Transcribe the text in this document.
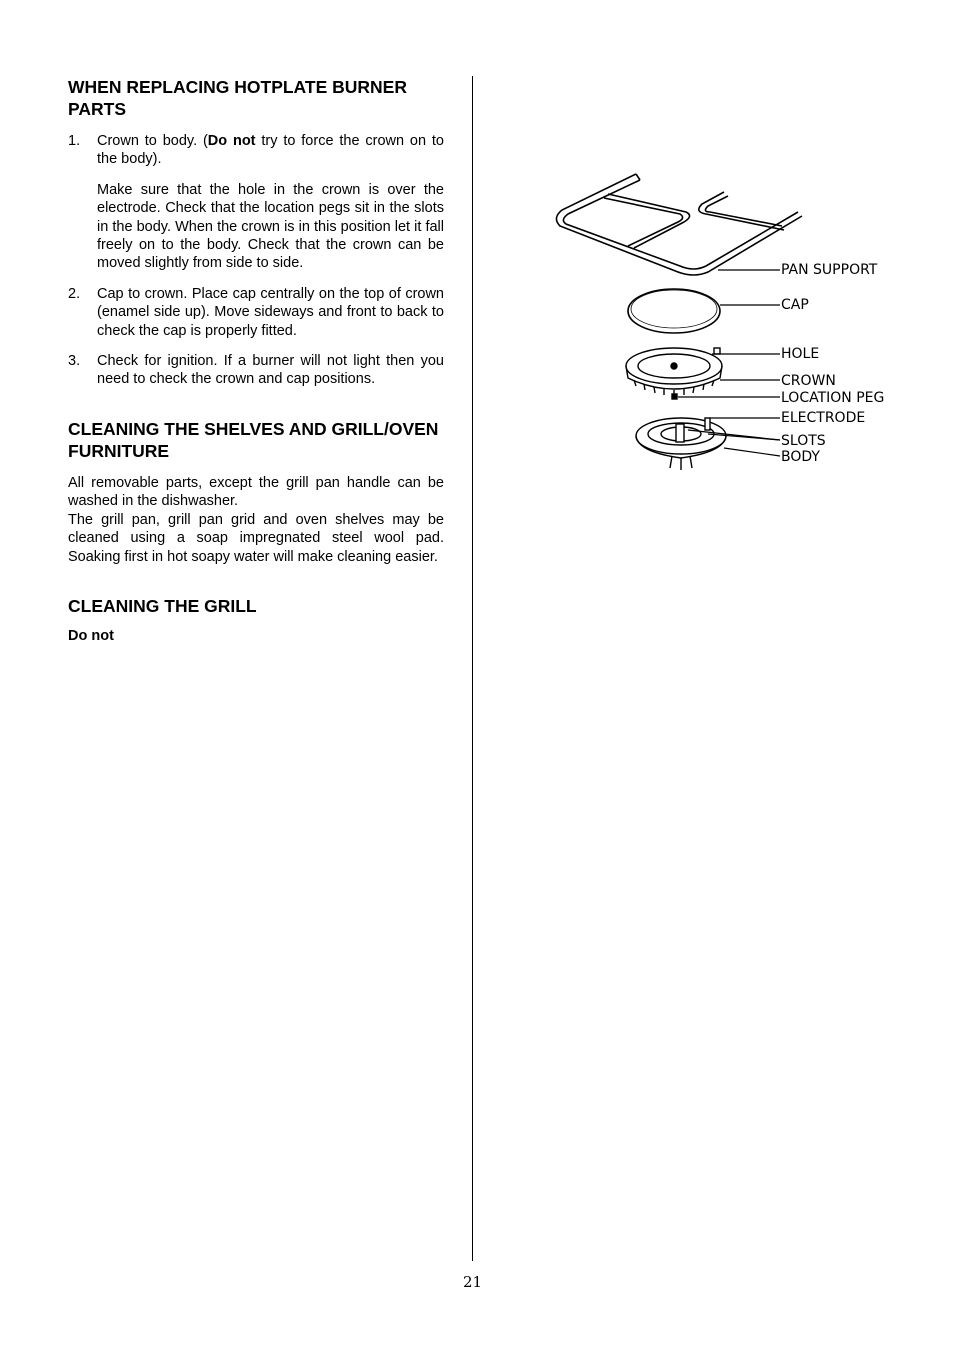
WHEN REPLACING HOTPLATE BURNER PARTS
1.	Crown to body. (Do not try to force the crown on to the body).

Make sure that the hole in the crown is over the electrode. Check that the location pegs sit in the slots in the body. When the crown is in this position let it fall freely on to the body. Check that the crown can be moved slightly from side to side.

2.	Cap to crown. Place cap centrally on the top of crown (enamel side up). Move sideways and front to back to check the cap is properly fitted.
3.	Check for ignition. If a burner will not light then you need to check the crown and cap positions.
CLEANING THE SHELVES AND GRILL/OVEN FURNITURE

All removable parts, except the grill pan handle can be washed in the dishwasher.

The grill pan, grill pan grid and oven shelves may be cleaned using a soap impregnated steel wool pad. Soaking first in hot soapy water will make cleaning easier.

CLEANING THE GRILL
Do not
PAN SUPPORT
CAP
HOLE
CROWN
LOCATION PEG
ELECTRODE
SLOTS
BODY
21
